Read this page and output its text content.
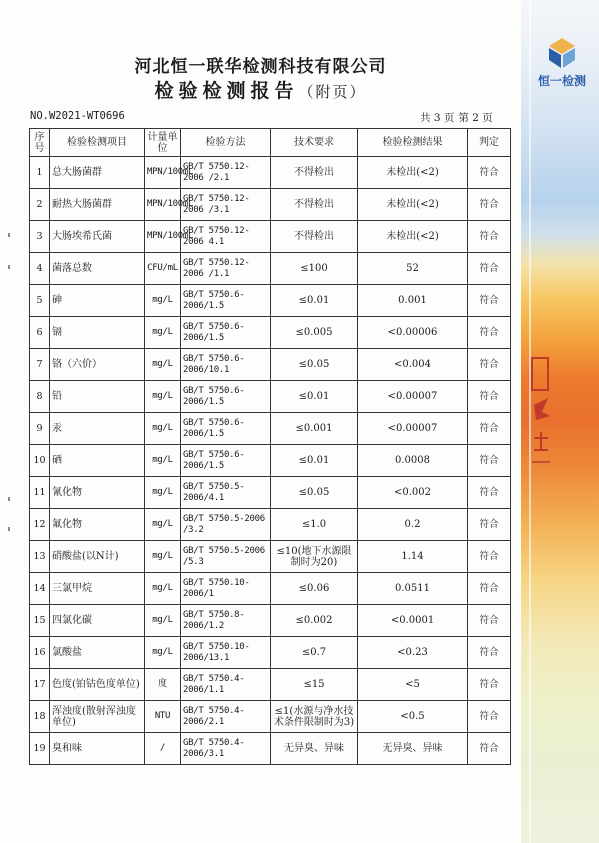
恒一检测
河北恒一联华检测科技有限公司
检验检测报告（附页）
NO.W2021-WT0696	共 3 页 第 2 页
序号	检验检测项目	计量单位	检验方法	技术要求	检验检测结果	判定
1	总大肠菌群	MPN/100mL	GB/T 5750.12-2006 /2.1	不得检出	未检出(<2)	符合
2	耐热大肠菌群	MPN/100mL	GB/T 5750.12-2006 /3.1	不得检出	未检出(<2)	符合
3	大肠埃希氏菌	MPN/100mL	GB/T 5750.12-2006 4.1	不得检出	未检出(<2)	符合
4	菌落总数	CFU/mL	GB/T 5750.12-2006 /1.1	≤100	52	符合
5	砷	mg/L	GB/T 5750.6-2006/1.5	≤0.01	0.001	符合
6	镉	mg/L	GB/T 5750.6-2006/1.5	≤0.005	<0.00006	符合
7	铬（六价）	mg/L	GB/T 5750.6-2006/10.1	≤0.05	<0.004	符合
8	铅	mg/L	GB/T 5750.6-2006/1.5	≤0.01	<0.00007	符合
9	汞	mg/L	GB/T 5750.6-2006/1.5	≤0.001	<0.00007	符合
10	硒	mg/L	GB/T 5750.6-2006/1.5	≤0.01	0.0008	符合
11	氰化物	mg/L	GB/T 5750.5-2006/4.1	≤0.05	<0.002	符合
12	氟化物	mg/L	GB/T 5750.5-2006 /3.2	≤1.0	0.2	符合
13	硝酸盐(以N计)	mg/L	GB/T 5750.5-2006 /5.3	≤10(地下水源限制时为20)	1.14	符合
14	三氯甲烷	mg/L	GB/T 5750.10-2006/1	≤0.06	0.0511	符合
15	四氯化碳	mg/L	GB/T 5750.8-2006/1.2	≤0.002	<0.0001	符合
16	氯酸盐	mg/L	GB/T 5750.10-2006/13.1	≤0.7	<0.23	符合
17	色度(铂钴色度单位)	度	GB/T 5750.4-2006/1.1	≤15	<5	符合
18	浑浊度(散射浑浊度单位)	NTU	GB/T 5750.4-2006/2.1	≤1(水源与净水技术条件限制时为3)	<0.5	符合
19	臭和味	/	GB/T 5750.4-2006/3.1	无异臭、异味	无异臭、异味	符合
